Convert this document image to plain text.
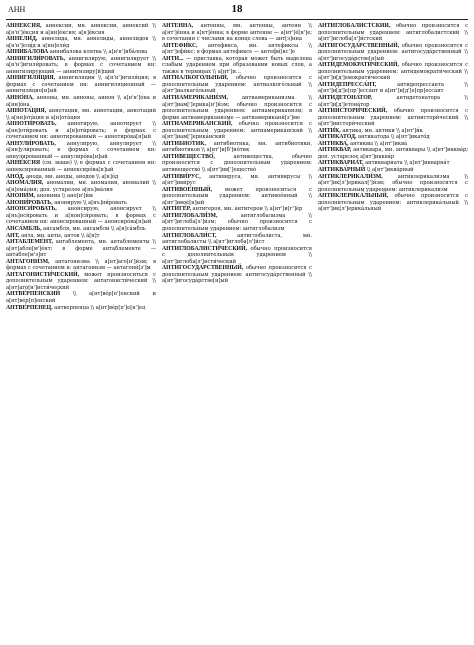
АНН	18

АННЕ́КСИЯ, аннексии, мн. аннексии, аннексий \\ а[н'н']е́ксия и а[нн]е́ксия; а[н]е́ксия

АННЕЛИ́Д, аннелида, мн. аннелиды, аннелидов \\ а[н'н']ели́д и а[нн]ели́д

АННИБА́ЛОВА аннибалова клятва \\ а[н'н']иба́лова

АННИГИЛИ́РОВАТЬ, аннигилирую, аннигилирует \\ а[н'н']игили́ровать; в формах с сочетанием нн: аннигилирующий — аннигилиру[й]щий

АННИГИЛЯ́ЦИЯ, аннигиляции \\ а[н'н']игиля́ция; в формах с сочетанием нн: аннигиляционный — аннигиля́цио[н]ый

АННО́НА, анноны, мн. анноны, аннон \\ а[н'н']о́на и а[нн]о́на

АННОТА́ЦИЯ, аннотации, мн. аннотации, аннотаций \\ а[нн]ота́ция и а[н]ота́ция

АННОТИ́РОВАТЬ, аннотирую, аннотирует \\ а[нн]оти́ровать и а[н]оти́ровать; в формах с сочетанием нн: аннотированный — аннотиро́ва[н]ый

АННУЛИ́РОВАТЬ, аннулирую, аннулирует \\ а[нн]ули́ровать; в формах с сочетанием нн: аннулированный — аннулиро́ва[н]ый

АННЕ́КСИЯ (см. выше) \\ в формах с сочетанием нн: аннексированный — аннексиро́ва[н]ый

АНО́Д, анода, мн. аноды, анодов \\ а[н]о́д

АНОМА́ЛИЯ, аномалии, мн. аномалии, аномалий \\ а[н]ома́лия; доп. устарелое а[нъ]ма́лия

АНОНИ́М, анонима \\ ано[н']и́м

АНОНИ́РОВАТЬ, анонирую \\ а[нъ]ни́ровать

АНОНСИ́РОВАТЬ, анонсирую, анонсирует \\ а[нъ]нси́ровать и а[нон]си́ровать; в формах с сочетанием нн: анонсированный — анонсиро́ва[н]ый

АНСА́МБЛЬ, ансамбля, мн. ансамбли \\ а[н]са́мбль

АНТ, анта, мн. анты, антов \\ а́[н]т

АНТАБЛЕМЕ́НТ, антаблемента, мн. антаблементы \\ а[нт]абле[м']е́нт; в форме антаблементе — антабле[м'э]нт

АНТАГОНИ́ЗМ, антагонизма \\ а[нт]аго[н']и́зм; в формах с сочетанием н: антагонизм — антагони́[з']м

АНТАГОНИСТИ́ЧЕСКИЙ, может произноситься с дополнительным ударением: антагонисти́ческий \\ а[нт]аго[н']исти́ческий

АНТВЕ́РПЕНСКИЙ \\ а[нт]ве́р[п']енский и а[нт]ве́р[п]енский

АНТВЕ́РПЕНЕЦ, антверпенца \\ а[нт]ве́р[п']е[н']ец

АНТЕ́ННА, антенны, мн. антенны, антенн \\ а[нт']е́нна и а[нт]е́нна; в форме антенне — а[нт']е́[н']е; в сочетании с числами на конце слова — ант[э]нна

АНТЕФИ́КС, антефикса, мн. антефиксы \\ а[нт']ефи́кс; в формах антефиксе — антефи́[кс']е

АНТИ... — приставка, которая может быть выделена слабым ударением при образовании новых слов, а также в терминах \\ а[нт']и...

АНТИАЛКОГО́ЛЬНЫЙ, обычно произносится с дополнительным ударением: антиалкого́льный \\ а[нт']иалкаго́льный

АНТИАМЕРИКАНИ́ЗМ, антиамериканизма \\ а[нт']иам[']ерика[н']и́зм; обычно произносится с дополнительным ударением: антиамериканизм; в форме антиамериканизме — антиамерикани́[з']ме

АНТИАМЕРИКА́НСКИЙ, обычно произносится с дополнительным ударением: антиамерика́нский \\ а[нт']иам[']ерика́нский

АНТИБИО́ТИК, антибиотика, мн. антибиотики, антибиотиков \\ а[нт']и[б']ио́тик

АНТИВЕЩЕСТВО́, антивещества, обычно произносится с дополнительным ударением: антивещество́ \\ а[нт']ив[']ещество́

АНТИВИ́РУС, антивируса, мн. антивирусы \\ а[нт']иви́рус

АНТИВОЕ́ННЫЙ, может произноситься с дополнительным ударением: антивое́нный \\ а[нт']ивое́[н]ый

АНТИГЕ́Р, антигероя, мн. антигерои \\ а[нт']и[г']е́р

АНТИГЛОБАЛИ́ЗМ, антиглобализма \\ а[нт']иглоба[л']и́зм; обычно произносится с дополнительным ударением: антиглобализм

АНТИГЛОБАЛИ́СТ, антиглобалиста, мн. антиглобалисты \\ а[нт']иглоба[л']и́ст

АНТИГЛОБАЛИСТИ́ЧЕСКИЙ, обычно произносится с дополнительным ударением \\ а[нт']иглоба[л']исти́ческий

АНТИГОСУДА́РСТВЕННЫЙ, обычно произносится с дополнительным ударением: антигосуда́рственный \\ а[нт']игосуда́рстве[н]ый

АНТИГЛОБАЛИ́СТСКИЙ, обычно произносится с дополнительным ударением: антиглобалистский \\ а[нт']иглоба[л']и́стский

АНТИГОСУДА́РСТВЕННЫЙ, обычно произносится с дополнительным ударением: антигосуда́рственный \\ а[нт']игосуда́рстве[н]ый

АНТИДЕМОКРАТИ́ЧЕСКИЙ, обычно произносится с дополнительным ударением: антидемократи́ческий \\ а[нт']и[д']емократи́ческий

АНТИДЕПРЕССА́НТ, антидепрессанта \\ а[нт']и[д']е[пр']есса́нт и а[нт']и[д']е[пр]есса́нт

АНТИДЕТОНА́ТОР, антидетонатора \\ а[нт']и[д']етона́тор

АНТИИСТОРИ́ЧЕСКИЙ, обычно произносится с дополнительным ударением: антиистори́ческий \\ а[нт']иистори́ческий

АНТИ́К, антика, мн. антики \\ а[нт']и́к

АНТИКАТО́Д, антикатода \\ а[нт']икато́д

АНТИКВА́, антиквы \\ а[нт']иква́

АНТИКВА́Р, антиквара, мн. антиквары \\ а[нт']икква́р; доп. устарелое а[нт']икква́р

АНТИКВАРИА́Т, антиквариата \\ а[нт']икварна́т

АНТИКВА́РНЫЙ \\ а[нт']иква́рный

АНТИКЛЕРИКАЛИ́ЗМ, антиклерикализма \\ а[нт']ик[л']ерикал[']и́зм; обычно произносится с дополнительным ударением: антиклерикализм

АНТИКЛЕРИКА́ЛЬНЫЙ, обычно произносится с дополнительным ударением: антиклерика́льный \\ а[нт']ик[л']ерика́льный
